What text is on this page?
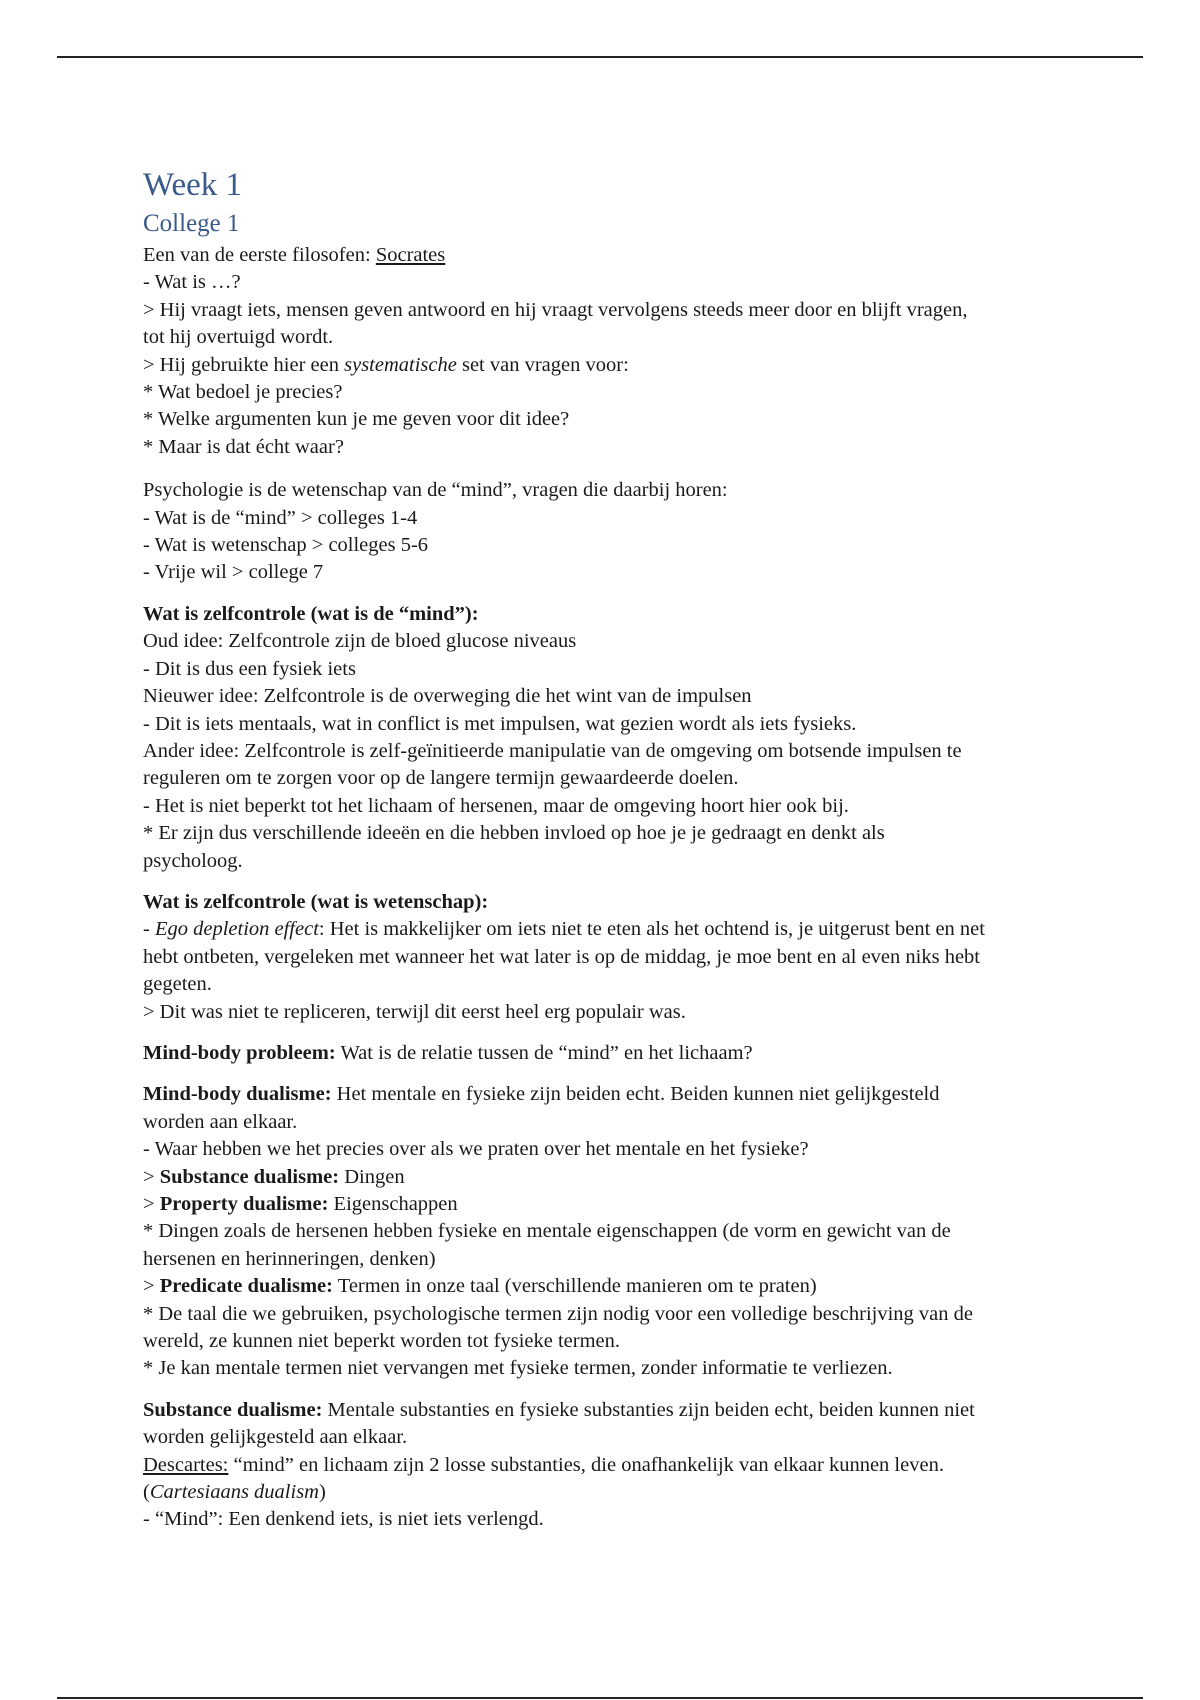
Week 1

College 1

Een van de eerste filosofen: Socrates

- Wat is …?

> Hij vraagt iets, mensen geven antwoord en hij vraagt vervolgens steeds meer door en blijft vragen,

tot hij overtuigd wordt.

> Hij gebruikte hier een systematische set van vragen voor:

* Wat bedoel je precies?

* Welke argumenten kun je me geven voor dit idee?

* Maar is dat écht waar?

Psychologie is de wetenschap van de “mind”, vragen die daarbij horen:

- Wat is de “mind” > colleges 1-4

- Wat is wetenschap > colleges 5-6

- Vrije wil > college 7

Wat is zelfcontrole (wat is de “mind”):

Oud idee: Zelfcontrole zijn de bloed glucose niveaus

- Dit is dus een fysiek iets

Nieuwer idee: Zelfcontrole is de overweging die het wint van de impulsen

- Dit is iets mentaals, wat in conflict is met impulsen, wat gezien wordt als iets fysieks.

Ander idee: Zelfcontrole is zelf-geïnitieerde manipulatie van de omgeving om botsende impulsen te

reguleren om te zorgen voor op de langere termijn gewaardeerde doelen.

- Het is niet beperkt tot het lichaam of hersenen, maar de omgeving hoort hier ook bij.

* Er zijn dus verschillende ideeën en die hebben invloed op hoe je je gedraagt en denkt als

psycholoog.

Wat is zelfcontrole (wat is wetenschap):

- Ego depletion effect: Het is makkelijker om iets niet te eten als het ochtend is, je uitgerust bent en net

hebt ontbeten, vergeleken met wanneer het wat later is op de middag, je moe bent en al even niks hebt

gegeten.

> Dit was niet te repliceren, terwijl dit eerst heel erg populair was.

Mind-body probleem: Wat is de relatie tussen de “mind” en het lichaam?

Mind-body dualisme: Het mentale en fysieke zijn beiden echt. Beiden kunnen niet gelijkgesteld

worden aan elkaar.

- Waar hebben we het precies over als we praten over het mentale en het fysieke?

> Substance dualisme: Dingen

> Property dualisme: Eigenschappen

* Dingen zoals de hersenen hebben fysieke en mentale eigenschappen (de vorm en gewicht van de

hersenen en herinneringen, denken)

> Predicate dualisme: Termen in onze taal (verschillende manieren om te praten)

* De taal die we gebruiken, psychologische termen zijn nodig voor een volledige beschrijving van de

wereld, ze kunnen niet beperkt worden tot fysieke termen.

* Je kan mentale termen niet vervangen met fysieke termen, zonder informatie te verliezen.

Substance dualisme: Mentale substanties en fysieke substanties zijn beiden echt, beiden kunnen niet

worden gelijkgesteld aan elkaar.

Descartes: “mind” en lichaam zijn 2 losse substanties, die onafhankelijk van elkaar kunnen leven.

(Cartesiaans dualism)

- “Mind”: Een denkend iets, is niet iets verlengd.
